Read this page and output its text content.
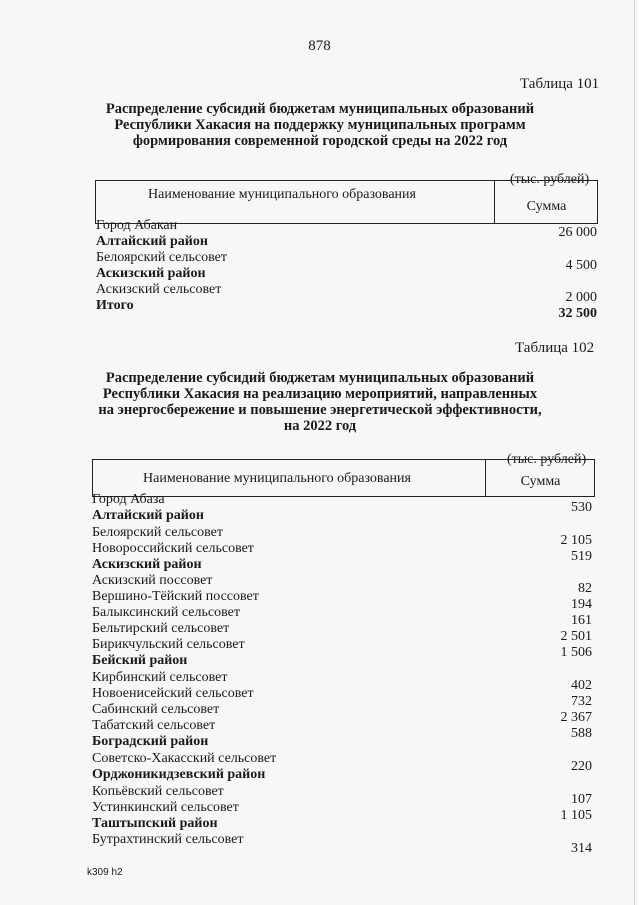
878
Таблица 101
Распределение субсидий бюджетам муниципальных образований
Республики Хакасия на поддержку муниципальных программ
формирования современной городской среды на 2022 год
(тыс. рублей)
Наименование муниципального образования
Сумма
Город Абакан	26 000
Алтайский район
Белоярский сельсовет
4 500
Аскизский район
Аскизский сельсовет
2 000
Итого
32 500
Таблица 102
Распределение субсидий бюджетам муниципальных образований
Республики Хакасия на реализацию мероприятий, направленных
на энергосбережение и повышение энергетической эффективности,
на 2022 год
(тыс. рублей)
Наименование муниципального образования	Сумма
Город Абаза
530
Алтайский район
Белоярский сельсовет
2 105
Новороссийский сельсовет
519
Аскизский район
Аскизский поссовет
82
Вершино-Тёйский поссовет
194
Балыксинский сельсовет
161
Бельтирский сельсовет
2 501
Бирикчульский сельсовет
1 506
Бейский район
Кирбинский сельсовет
402
Новоенисейский сельсовет
732
Сабинский сельсовет
2 367
Табатский сельсовет
588
Боградский район
Советско-Хакасский сельсовет
220
Орджоникидзевский район
Копьёвский сельсовет
107
Устинкинский сельсовет
1 105
Таштыпский район
Бутрахтинский сельсовет
314
k309 h2
